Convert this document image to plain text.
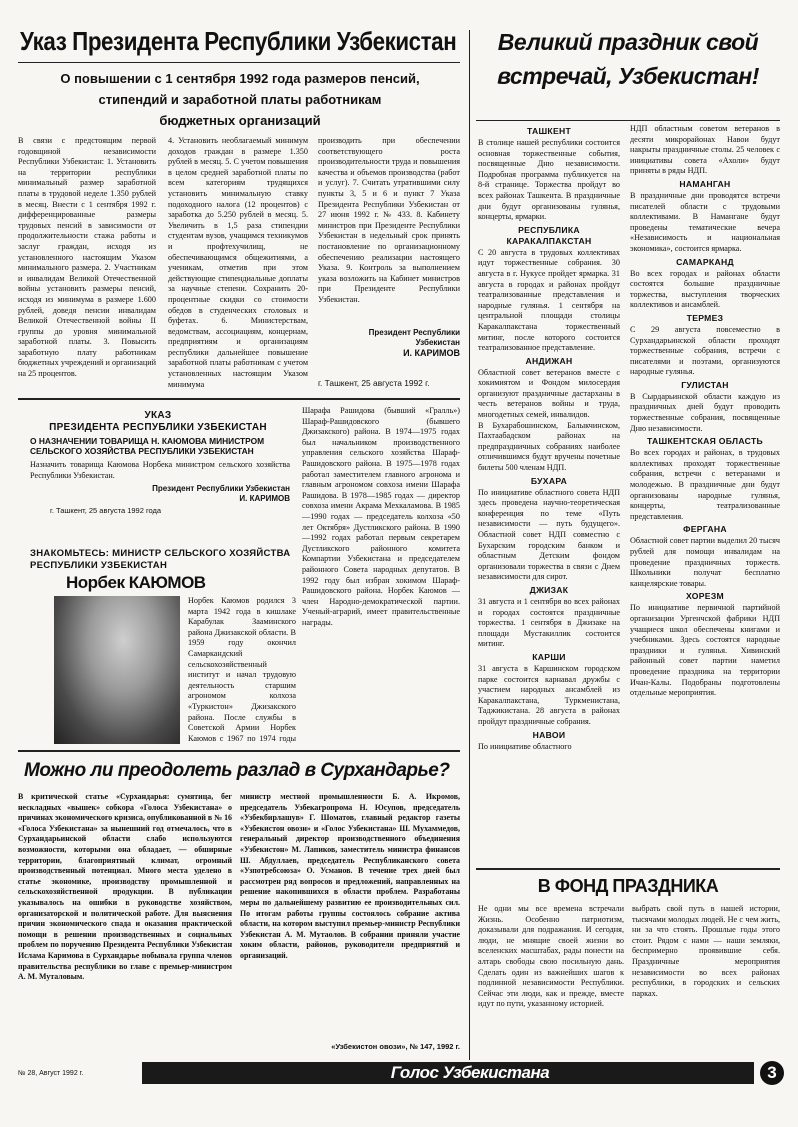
Указ Президента Республики Узбекистан
О повышении с 1 сентября 1992 года размеров пенсий, стипендий и заработной платы работникам бюджетных организаций
В связи с предстоящим первой годовщиной независимости Республики Узбекистан: 1. Установить на территории республики минимальный размер заработной платы в трудовой неделе 1.350 рублей в месяц. Внести с 1 сентября 1992 г. дифференцированные размеры трудовых пенсий в зависимости от продолжительности стажа работы и заслуг граждан, исходя из установленного настоящим Указом минимального размера. 2. Участникам и инвалидам Великой Отечественной войны установить размеры пенсий, исходя из минимума в размере 1.600 рублей, доведя пенсии инвалидам Великой Отечественной войны II группы до уровня минимальной заработной платы. 3. Повысить заработную плату работникам бюджетных учреждений и организаций на 25 процентов.
4. Установить необлагаемый минимум доходов граждан в размере 1.350 рублей в месяц. 5. С учетом повышения в целом средней заработной платы по всем категориям трудящихся установить минимальную ставку подоходного налога (12 процентов) с заработка до 5.250 рублей в месяц. 5. Увеличить в 1,5 раза стипендии студентам вузов, учащимся техникумов и профтехучилищ, не обеспечивающимся общежитиями, а ученикам, отметив при этом действующие стипендиальные доплаты за научные степени. Сохранить 20-процентные скидки со стоимости обедов в студенческих столовых и буфетах. 6. Министерствам, ведомствам, ассоциациям, концернам, предприятиям и организациям республики дальнейшее повышение заработной платы работникам с учетом установленных настоящим Указом минимума
производить при обеспечении соответствующего роста производительности труда и повышения качества и объемов производства (работ и услуг). 7. Считать утратившими силу пункты 3, 5 и 6 и пункт 7 Указа Президента Республики Узбекистан от 27 июня 1992 г. № 433. 8. Кабинету министров при Президенте Республики Узбекистан в недельный срок принять постановление по организационному обеспечению реализации настоящего Указа. 9. Контроль за выполнением указа возложить на Кабинет министров при Президенте Республики Узбекистан.
Президент Республики Узбекистан
И. КАРИМОВ
г. Ташкент, 25 августа 1992 г.
УКАЗ
ПРЕЗИДЕНТА РЕСПУБЛИКИ УЗБЕКИСТАН
О НАЗНАЧЕНИИ ТОВАРИЩА Н. КАЮМОВА МИНИСТРОМ СЕЛЬСКОГО ХОЗЯЙСТВА РЕСПУБЛИКИ УЗБЕКИСТАН
Назначить товарища Каюмова Норбека министром сельского хозяйства Республики Узбекистан.
Президент Республики Узбекистан
И. КАРИМОВ
г. Ташкент, 25 августа 1992 года
Шарафа Рашидова (бывший «Гралль») Шараф-Рашидовского (бывшего Джизакского) района. В 1974—1975 годах был начальником производственного управления сельского хозяйства Шараф-Рашидовского района. В 1975—1978 годах работал заместителем главного агронома и главным агрономом совхоза имени Шарафа Рашидова. В 1978—1985 годах — директор совхоза имени Акрама Мехкаламова. В 1985—1990 годах — председатель колхоза «50 лет Октября» Дустликского района. В 1990—1992 годах работал первым секретарем Дустликского районного комитета Компартии Узбекистана и председателем районного Совета народных депутатов. В 1992 году был избран хокимом Шараф-Рашидовского района. Норбек Каюмов — член Народно-демократической партии. Ученый-аграрий, имеет правительственные награды.
ЗНАКОМЬТЕСЬ: МИНИСТР СЕЛЬСКОГО ХОЗЯЙСТВА РЕСПУБЛИКИ УЗБЕКИСТАН
Норбек КАЮМОВ
Норбек Каюмов родился 3 марта 1942 года в кишлаке Карабулак Зааминского района Джизакской области. В 1959 году окончил Самаркандский сельскохозяйственный институт и начал трудовую деятельность старшим агрономом колхоза «Туркистон» Джизакского района. После службы в Советской Армии Норбек Каюмов с 1967 по 1974 годы
Можно ли преодолеть разлад в Сурхандарье?
В критической статье «Сурхандарья: сумятица, бег нескладных «вышек» собкора «Голоса Узбекистана» о причинах экономического кризиса, опубликованной в № 16 «Голоса Узбекистана» за нынешний год отмечалось, что в Сурхандарьинской области слабо используются возможности, которыми она обладает, — обширные территории, благоприятный климат, огромный производственный потенциал. Много места уделено в статье экономике, производству промышленной и сельскохозяйственной продукции. В публикации указывалось на ошибки в руководстве хозяйством, организаторской и политической работе. Для выяснения причин экономического спада и оказания практической помощи в решении производственных и социальных проблем по поручению Президента Республики Узбекистан Ислама Каримова в Сурхандарье побывала группа членов правительства республики во главе с премьер-министром А. М. Муталовым.
министр местной промышленности Б. А. Икромов, председатель Узбекагропрома Н. Юсупов, председатель «Узбекбирлашув» Г. Шоматов, главный редактор газеты «Узбекистон овози» и «Голос Узбекистана» Ш. Мухаммедов, генеральный директор производственного объединения «Узбекистон» М. Лапиков, заместитель министра финансов Ш. Абдуллаев, председатель Республиканского совета «Узпотребсоюза» О. Усманов. В течение трех дней был рассмотрен ряд вопросов и предложений, направленных на решение накопившихся в области проблем. Разработаны меры по дальнейшему развитию ее производительных сил. По итогам работы группы состоялось собрание актива области, на котором выступил премьер-министр Республики Узбекистан А. М. Мутаолов. В собрании приняли участие хоким области, районов, руководители предприятий и организаций.
«Узбекистон овози», № 147, 1992 г.
Великий праздник свой
встречай, Узбекистан!
ТАШКЕНТ
В столице нашей республики состоится основная торжественные события, посвященные Дню независимости. Подробная программа публикуется на 8-й странице. Торжества пройдут во всех районах Ташкента. В праздничные дни будут организованы гулянья, концерты, ярмарки.
РЕСПУБЛИКА КАРАКАЛПАКСТАН
С 20 августа в трудовых коллективах идут торжественные собрания. 30 августа в г. Нукусе пройдет ярмарка. 31 августа в городах и районах пройдут театрализованные представления и народные гулянья. 1 сентября на центральной площади столицы Каракалпакстана торжественный митинг, после которого состоится театрализованное представление.
АНДИЖАН
Областной совет ветеранов вместе с хокимиятом и Фондом милосердия организуют праздничные дастарханы в честь ветеранов войны и труда, многодетных семей, инвалидов.
В Бухарабошинском, Балыкчинском, Пахтаабадском районах на предпраздничных собраниях наиболее отличившимся будут вручены почетные билеты 500 членам НДП.
БУХАРА
По инициативе областного совета НДП здесь проведена научно-теоретическая конференция по теме «Путь независимости — путь будущего». Областной совет НДП совместно с Бухарским городским банком и областным Детским фондом организовали торжества в связи с Днем независимости для сирот.
ДЖИЗАК
31 августа и 1 сентября во всех районах и городах состоятся праздничные торжества. 1 сентября в Джизаке на площади Мустакиллик состоится митинг.
КАРШИ
31 августа в Каршинском городском парке состоится карнавал дружбы с участием народных ансамблей из Каракалпакстана, Туркменистана, Таджикистана. 28 августа в районах пройдут праздничные собрания.
НАВОИ
По инициативе областного
НДП областным советом ветеранов в десяти микрорайонах Навои будут накрыты праздничные столы. 25 человек с инициативы совета «Ахоли» будут приняты в ряды НДП.
НАМАНГАН
В праздничные дни проводятся встречи писателей области с трудовыми коллективами. В Намангане будут проведены тематические вечера «Независимость и национальная экономика», состоится ярмарка.
САМАРКАНД
Во всех городах и районах области состоятся большие праздничные торжества, выступления творческих коллективов и ансамблей.
ТЕРМЕЗ
С 29 августа повсеместно в Сурхандарьинской области проходят торжественные собрания, встречи с писателями и поэтами, организуются народные гулянья.
ГУЛИСТАН
В Сырдарьинской области каждую из праздничных дней будут проводить торжественные собрания, посвященные Дню независимости.
ТАШКЕНТСКАЯ ОБЛАСТЬ
Во всех городах и районах, в трудовых коллективах проходят торжественные собрания, встречи с ветеранами и молодежью. В праздничные дни будут организованы народные гулянья, концерты, театрализованные представления.
ФЕРГАНА
Областной совет партии выделил 20 тысяч рублей для помощи инвалидам на проведение праздничных торжеств. Школьники получат бесплатно канцелярские товары.
ХОРЕЗМ
По инициативе первичной партийной организации Ургенчской фабрики НДП учащиеся школ обеспечены книгами и учебниками. Здесь состоятся народные праздники и гулянья. Хивинский районный совет партии наметил проведение праздника на территории Ичан-Калы. Подобраны подготовлены отдельные мероприятия.
В ФОНД ПРАЗДНИКА
Не одни мы все времена встречали Жизнь. Особенно патриотизм, доказывали для подражания. И сегодня, люди, не мнящие своей жизни во вселенских масштабах, рады понести на алтарь свободы свою посильную дань. Сделать один из важнейших шагов к подлинной независимости Республики. Сейчас эти люди, как и прежде, вместе идут по пути, указанному историей.
выбрать свой путь в нашей истории, тысячами молодых людей. Не с чем жить, ни за что стоять. Прошлые годы этого стоит. Рядом с нами — наши земляки, беспримерно проявившие себя. Праздничные мероприятия независимости во всех районах республики, в городских и сельских парках.
№ 28, Август 1992 г.	Голос Узбекистана	3
